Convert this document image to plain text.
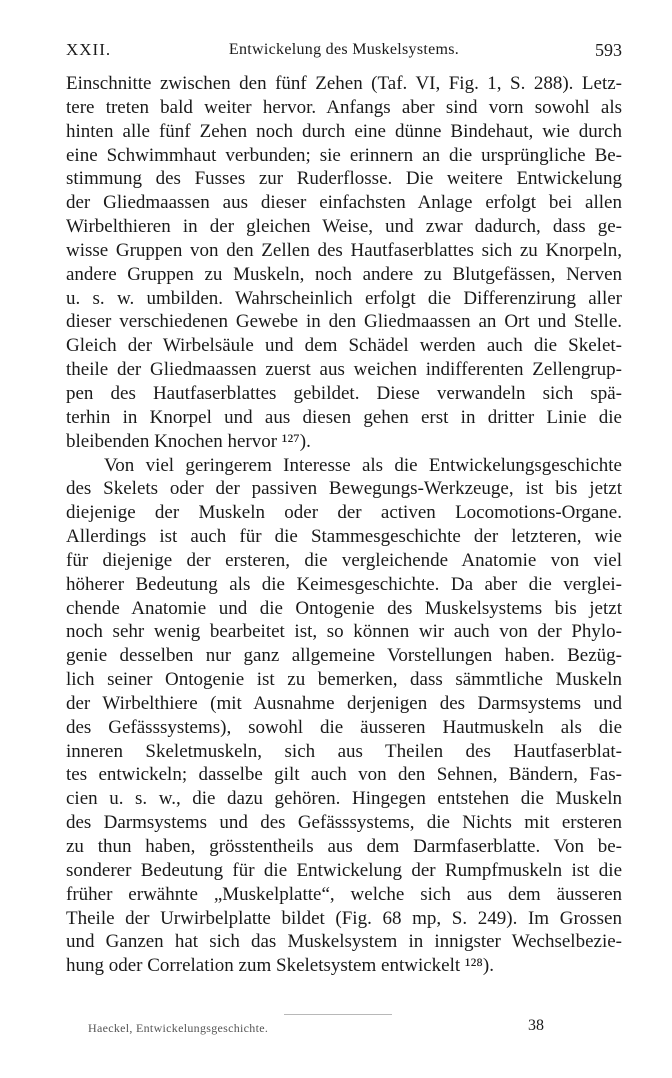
XXII.	Entwickelung des Muskelsystems.	593
Einschnitte zwischen den fünf Zehen (Taf. VI, Fig. 1, S. 288). Letz-
tere treten bald weiter hervor. Anfangs aber sind vorn sowohl als
hinten alle fünf Zehen noch durch eine dünne Bindehaut, wie durch
eine Schwimmhaut verbunden; sie erinnern an die ursprüngliche Be-
stimmung des Fusses zur Ruderflosse. Die weitere Entwickelung
der Gliedmaassen aus dieser einfachsten Anlage erfolgt bei allen
Wirbelthieren in der gleichen Weise, und zwar dadurch, dass ge-
wisse Gruppen von den Zellen des Hautfaserblattes sich zu Knorpeln,
andere Gruppen zu Muskeln, noch andere zu Blutgefässen, Nerven
u. s. w. umbilden. Wahrscheinlich erfolgt die Differenzirung aller
dieser verschiedenen Gewebe in den Gliedmaassen an Ort und Stelle.
Gleich der Wirbelsäule und dem Schädel werden auch die Skelet-
theile der Gliedmaassen zuerst aus weichen indifferenten Zellengrup-
pen des Hautfaserblattes gebildet. Diese verwandeln sich spä-
terhin in Knorpel und aus diesen gehen erst in dritter Linie die
bleibenden Knochen hervor ¹²⁷).
Von viel geringerem Interesse als die Entwickelungsgeschichte
des Skelets oder der passiven Bewegungs-Werkzeuge, ist bis jetzt
diejenige der Muskeln oder der activen Locomotions-Organe.
Allerdings ist auch für die Stammesgeschichte der letzteren, wie
für diejenige der ersteren, die vergleichende Anatomie von viel
höherer Bedeutung als die Keimesgeschichte. Da aber die verglei-
chende Anatomie und die Ontogenie des Muskelsystems bis jetzt
noch sehr wenig bearbeitet ist, so können wir auch von der Phylo-
genie desselben nur ganz allgemeine Vorstellungen haben. Bezüg-
lich seiner Ontogenie ist zu bemerken, dass sämmtliche Muskeln
der Wirbelthiere (mit Ausnahme derjenigen des Darmsystems und
des Gefässsystems), sowohl die äusseren Hautmuskeln als die
inneren Skeletmuskeln, sich aus Theilen des Hautfaserblat-
tes entwickeln; dasselbe gilt auch von den Sehnen, Bändern, Fas-
cien u. s. w., die dazu gehören. Hingegen entstehen die Muskeln
des Darmsystems und des Gefässsystems, die Nichts mit ersteren
zu thun haben, grösstentheils aus dem Darmfaserblatte. Von be-
sonderer Bedeutung für die Entwickelung der Rumpfmuskeln ist die
früher erwähnte „Muskelplatte“, welche sich aus dem äusseren
Theile der Urwirbelplatte bildet (Fig. 68 mp, S. 249). Im Grossen
und Ganzen hat sich das Muskelsystem in innigster Wechselbezie-
hung oder Correlation zum Skeletsystem entwickelt ¹²⁸).
Haeckel, Entwickelungsgeschichte.	38
